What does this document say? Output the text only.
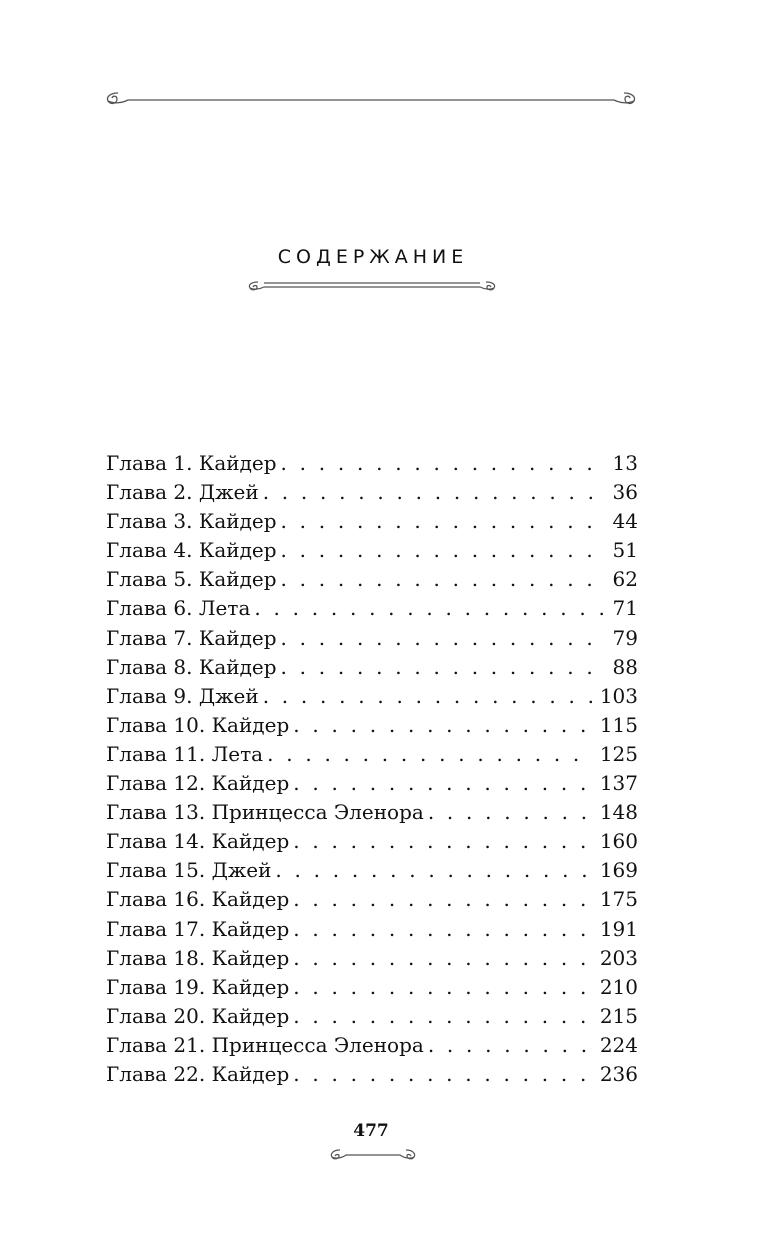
СОДЕРЖАНИЕ
Глава 1. Кайдер . . .	13
Глава 2. Джей . . .	36
Глава 3. Кайдер . . .	44
Глава 4. Кайдер . . .	51
Глава 5. Кайдер . . .	62
Глава 6. Лета . . .	71
Глава 7. Кайдер . . .	79
Глава 8. Кайдер . . .	88
Глава 9. Джей . . .	103
Глава 10. Кайдер . . .	115
Глава 11. Лета . . .	125
Глава 12. Кайдер . . .	137
Глава 13. Принцесса Эленора . . .	148
Глава 14. Кайдер . . .	160
Глава 15. Джей . . .	169
Глава 16. Кайдер . . .	175
Глава 17. Кайдер . . .	191
Глава 18. Кайдер . . .	203
Глава 19. Кайдер . . .	210
Глава 20. Кайдер . . .	215
Глава 21. Принцесса Эленора . . .	224
Глава 22. Кайдер . . .	236
477
